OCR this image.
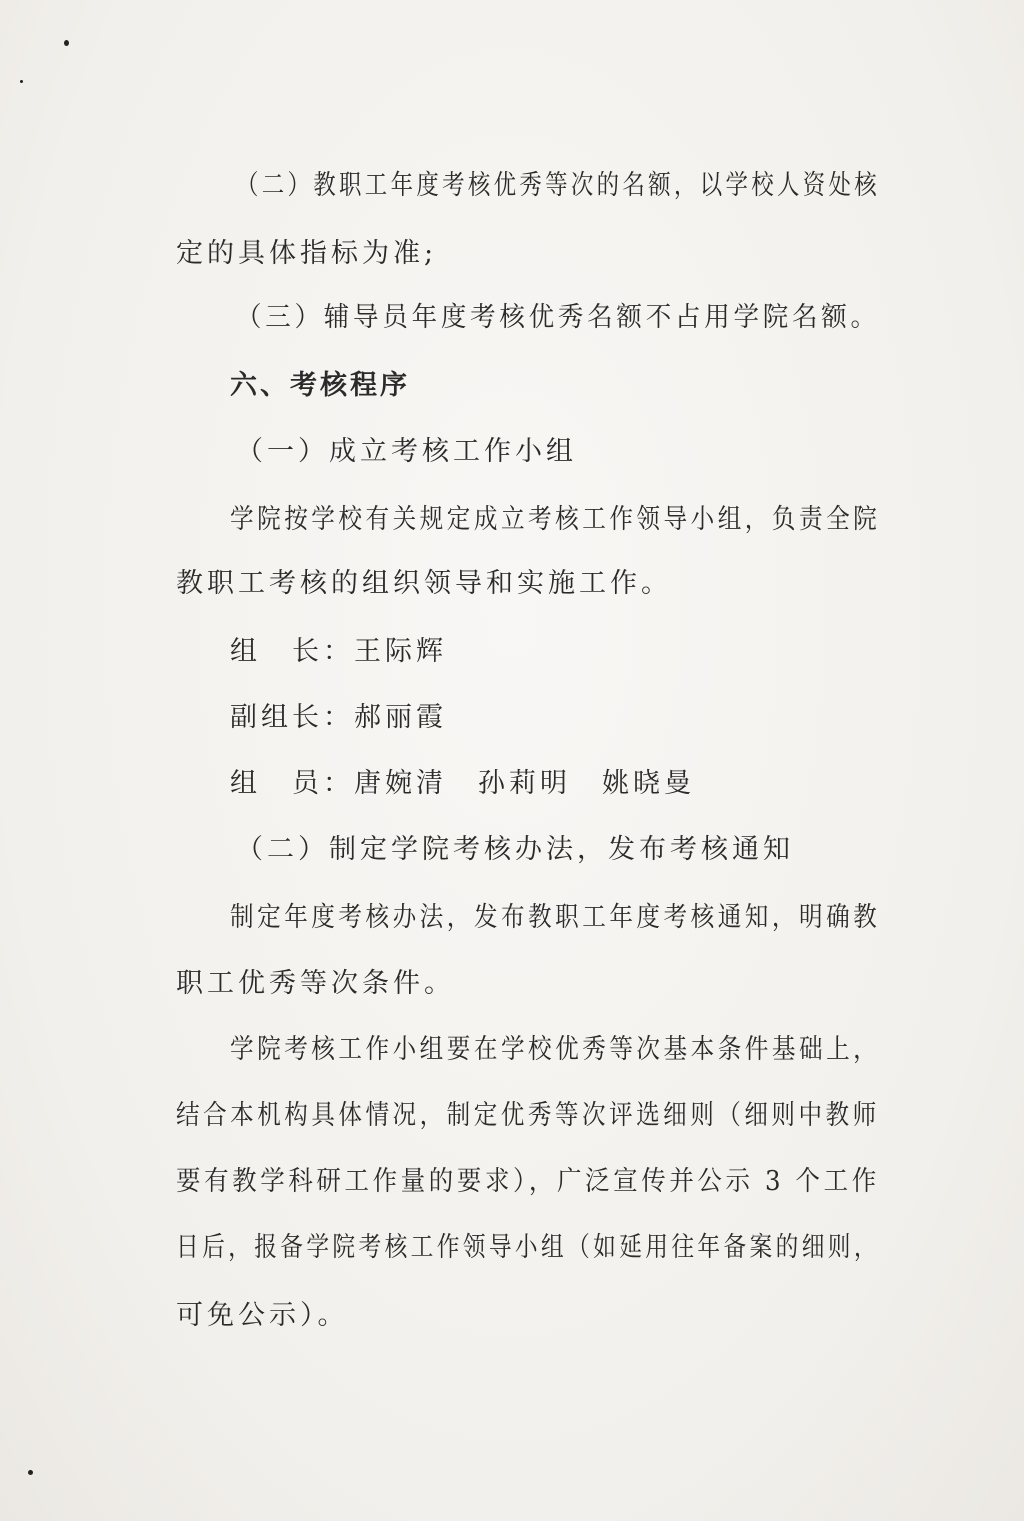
（二）教职工年度考核优秀等次的名额，以学校人资处核
定的具体指标为准;
（三）辅导员年度考核优秀名额不占用学院名额。
六、考核程序
（一）成立考核工作小组
学院按学校有关规定成立考核工作领导小组，负责全院
教职工考核的组织领导和实施工作。
组　长：王际辉
副组长：郝丽霞
组　员：唐婉清　孙莉明　姚晓曼
（二）制定学院考核办法，发布考核通知
制定年度考核办法，发布教职工年度考核通知，明确教
职工优秀等次条件。
学院考核工作小组要在学校优秀等次基本条件基础上，
结合本机构具体情况，制定优秀等次评选细则（细则中教师
要有教学科研工作量的要求），广泛宣传并公示 3 个工作
日后，报备学院考核工作领导小组（如延用往年备案的细则，
可免公示）。
